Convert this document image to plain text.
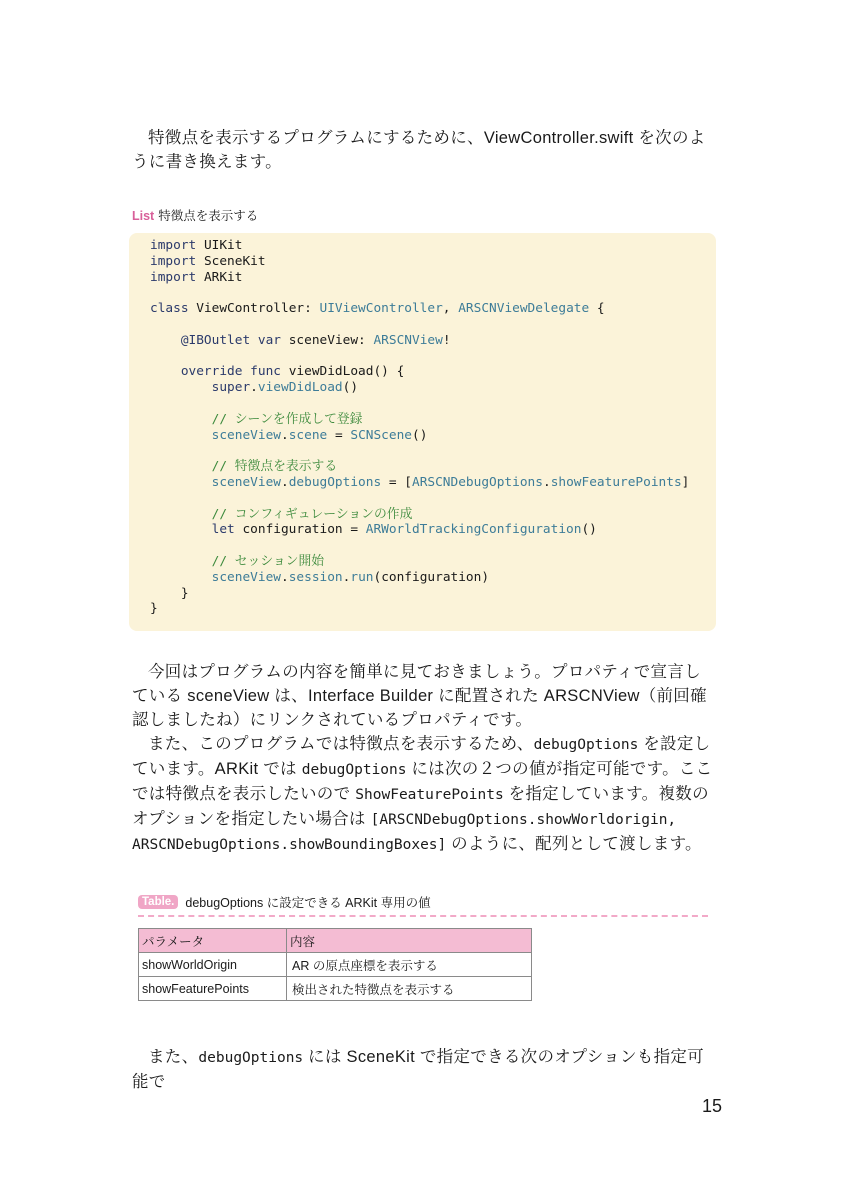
特徴点を表示するプログラムにするために、ViewController.swift を次のように書き換えます。

List 特徴点を表示する
import UIKit
import SceneKit
import ARKit
class ViewController: UIViewController, ARSCNViewDelegate {
@IBOutlet var sceneView: ARSCNView!
override func viewDidLoad() {
super.viewDidLoad()
// シーンを作成して登録
sceneView.scene = SCNScene()
// 特徴点を表示する
sceneView.debugOptions = [ARSCNDebugOptions.showFeaturePoints]
// コンフィギュレーションの作成
let configuration = ARWorldTrackingConfiguration()
// セッション開始
sceneView.session.run(configuration)
}
}

今回はプログラムの内容を簡単に見ておきましょう。プロパティで宣言している sceneView は、Interface Builder に配置された ARSCNView（前回確認しましたね）にリンクされているプロパティです。

また、このプログラムでは特徴点を表示するため、debugOptions を設定しています。ARKit では debugOptions には次の２つの値が指定可能です。ここでは特徴点を表示したいので ShowFeaturePoints を指定しています。複数のオプションを指定したい場合は [ARSCNDebugOptions.showWorldorigin, ARSCNDebugOptions.showBoundingBoxes] のように、配列として渡します。

Table. debugOptions に設定できる ARKit 専用の値
パラメータ	内容
showWorldOrigin	AR の原点座標を表示する
showFeaturePoints	検出された特徴点を表示する

また、debugOptions には SceneKit で指定できる次のオプションも指定可能で

15
